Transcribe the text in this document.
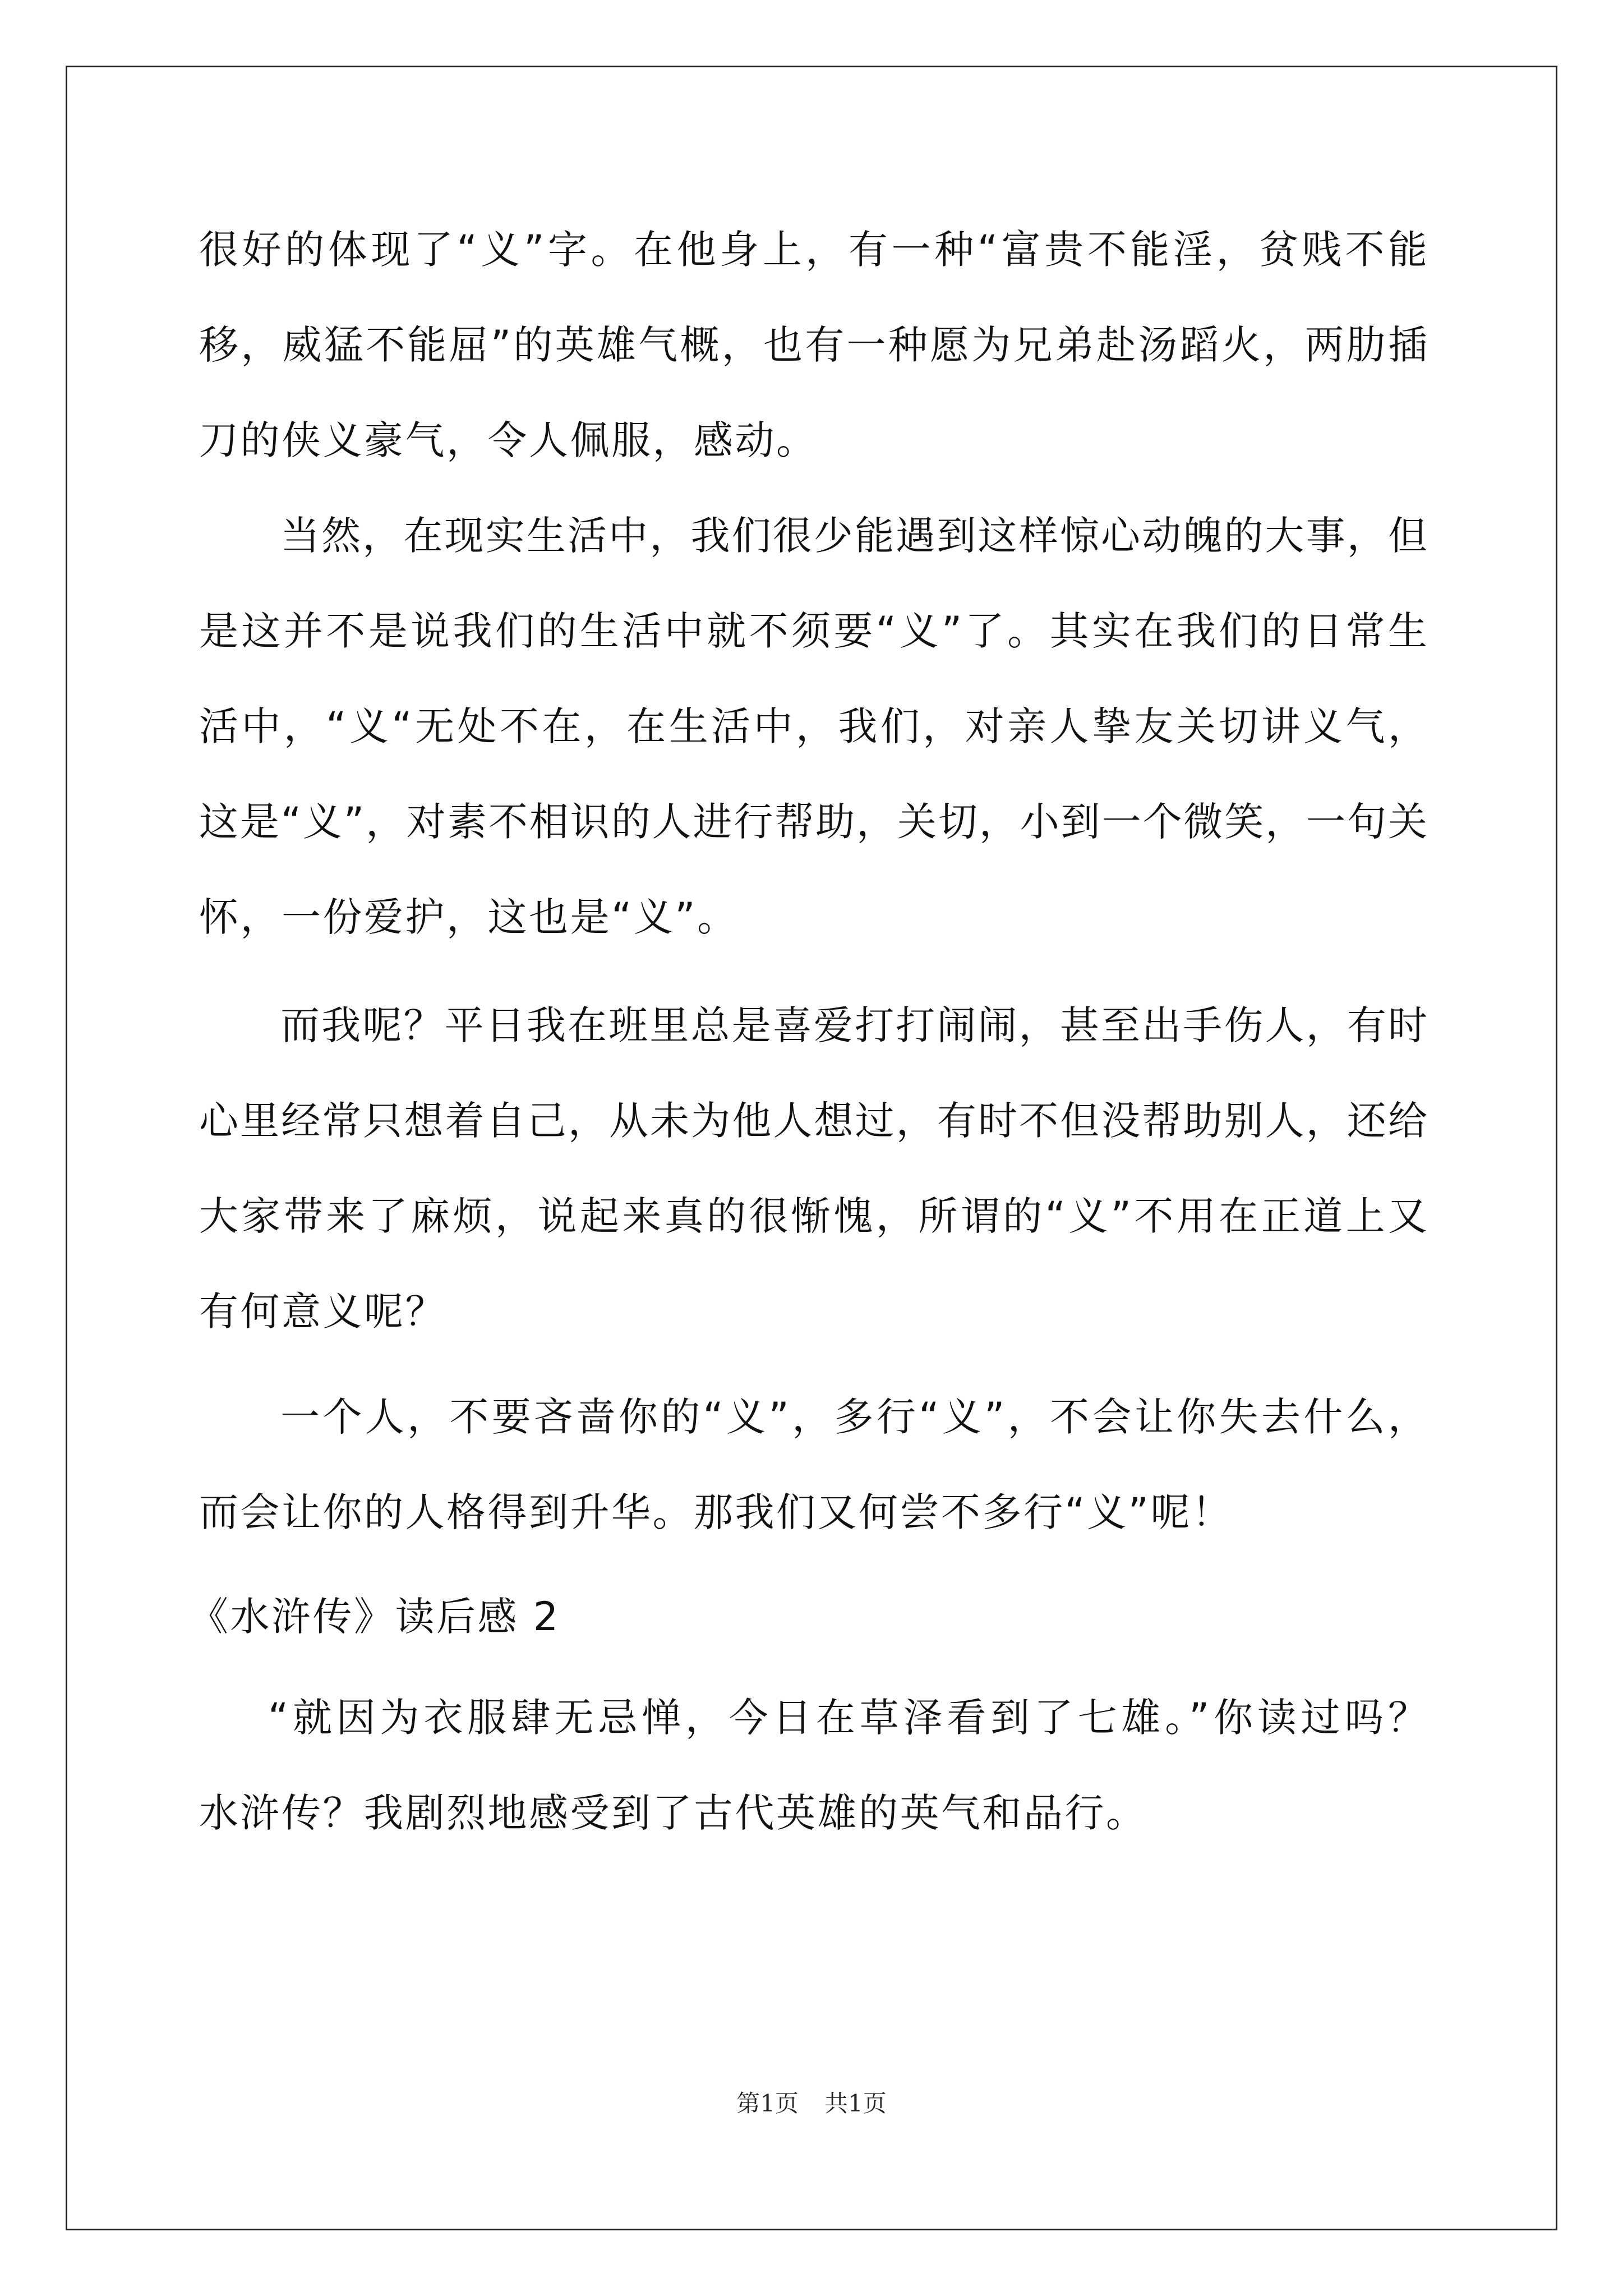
很好的体现了“义”字。在他身上，有一种“富贵不能淫，贫贱不能
移，威猛不能屈”的英雄气概，也有一种愿为兄弟赴汤蹈火，两肋插
刀的侠义豪气，令人佩服，感动。
当然，在现实生活中，我们很少能遇到这样惊心动魄的大事，但
是这并不是说我们的生活中就不须要“义”了。其实在我们的日常生
活中，“义“无处不在，在生活中，我们，对亲人挚友关切讲义气，
这是“义”，对素不相识的人进行帮助，关切，小到一个微笑，一句关
怀，一份爱护，这也是“义”。
而我呢？平日我在班里总是喜爱打打闹闹，甚至出手伤人，有时
心里经常只想着自己，从未为他人想过，有时不但没帮助别人，还给
大家带来了麻烦，说起来真的很惭愧，所谓的“义”不用在正道上又
有何意义呢？
一个人，不要吝啬你的“义”，多行“义”，不会让你失去什么，
而会让你的人格得到升华。那我们又何尝不多行“义”呢！
《水浒传》读后感 2
“就因为衣服肆无忌惮，今日在草泽看到了七雄。”你读过吗？
水浒传？我剧烈地感受到了古代英雄的英气和品行。
第1页 共1页
